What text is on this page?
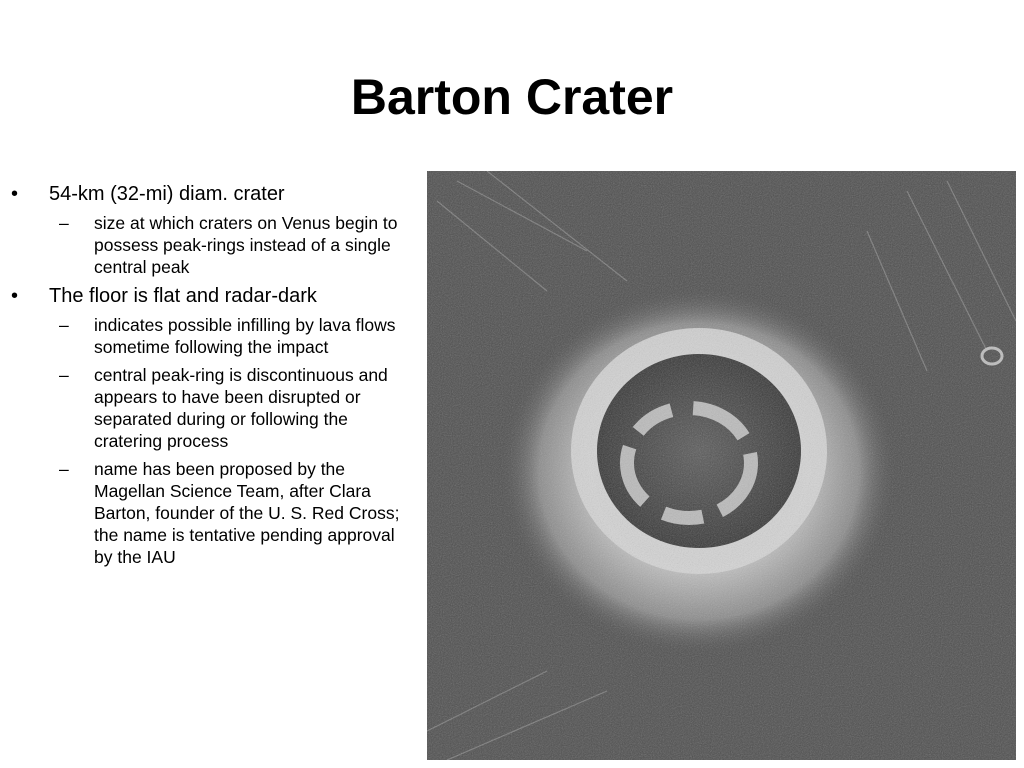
Barton Crater
• 54-km (32-mi) diam. crater
– size at which craters on Venus begin to possess peak-rings instead of a single central peak
• The floor is flat and radar-dark
– indicates possible infilling by lava flows sometime following the impact
– central peak-ring is discontinuous and appears to have been disrupted or separated during or following the cratering process
– name has been proposed by the Magellan Science Team, after Clara Barton, founder of the U. S. Red Cross; the name is tentative pending approval by the IAU
